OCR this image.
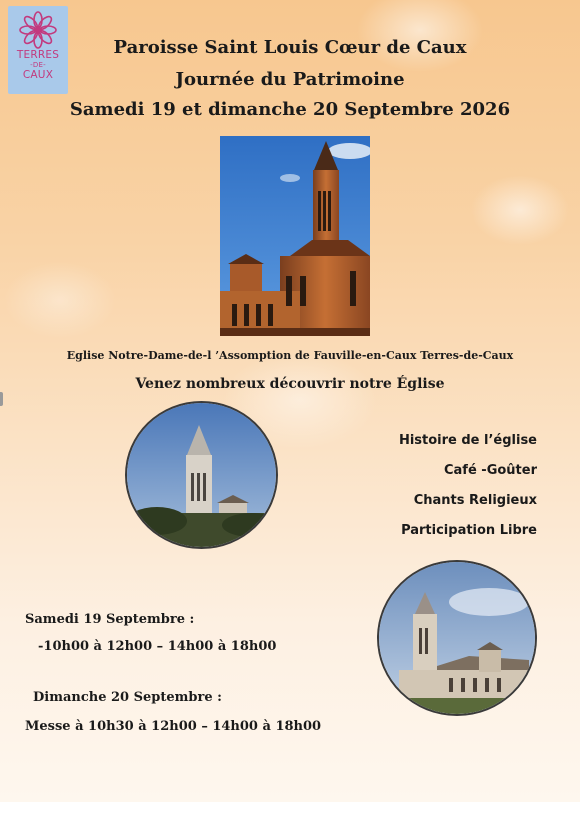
TERRES
-DE-
CAUX
Paroisse Saint Louis Cœur de Caux
Journée du Patrimoine
Samedi 19 et dimanche 20 Septembre 2026
Eglise Notre-Dame-de-l ’Assomption de Fauville-en-Caux Terres-de-Caux
Venez nombreux découvrir notre Église
Histoire de l’église
Café -Goûter
Chants Religieux
Participation Libre
Samedi 19 Septembre :
-10h00 à 12h00 – 14h00 à 18h00
Dimanche 20 Septembre :
Messe à 10h30 à 12h00 – 14h00 à 18h00
